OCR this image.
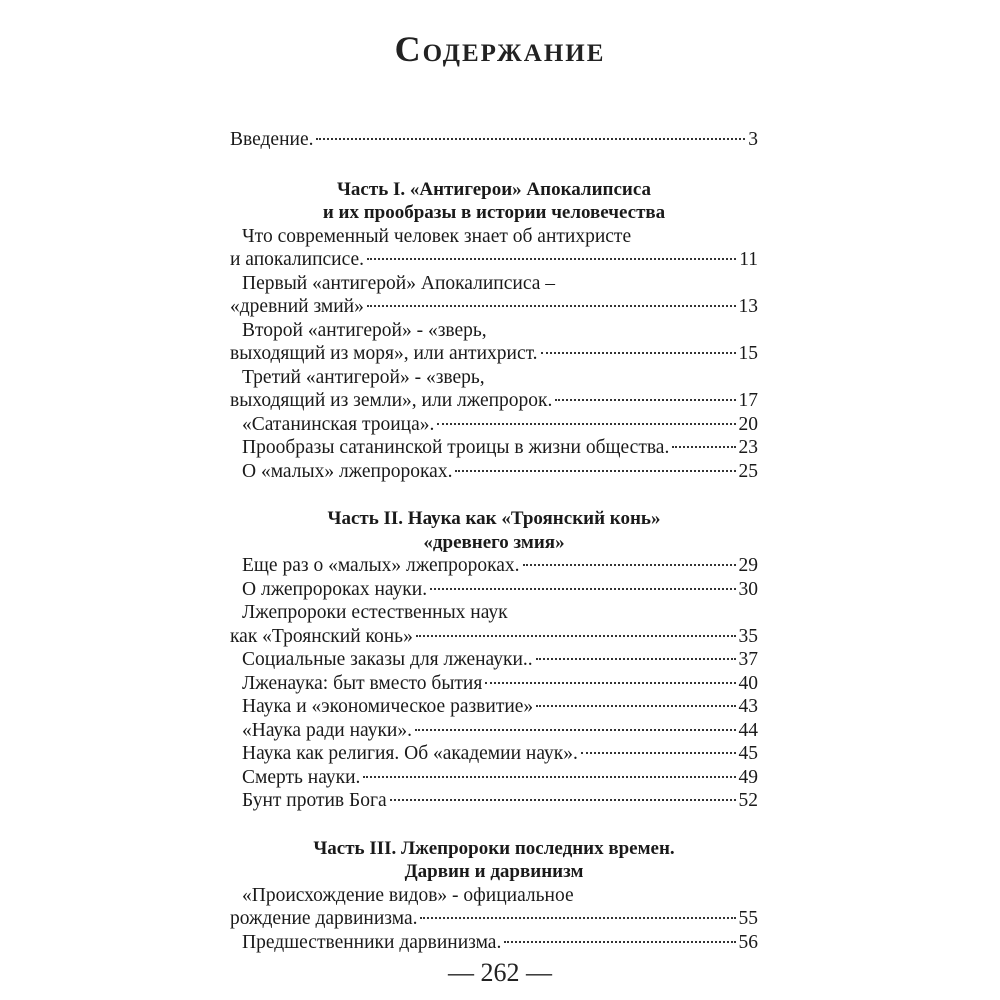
Содержание
Введение.	3
Часть I. «Антигерои» Апокалипсиса
и их прообразы в истории человечества
Что современный человек знает об антихристе
и апокалипсисе.	11
Первый «антигерой» Апокалипсиса –
«древний змий»	13
Второй «антигерой» - «зверь,
выходящий из моря», или антихрист.	15
Третий «антигерой» - «зверь,
выходящий из земли», или лжепророк.	17
«Сатанинская троица».	20
Прообразы сатанинской троицы в жизни общества.	23
О «малых» лжепророках.	25
Часть II. Наука как «Троянский конь»
«древнего змия»
Еще раз о «малых» лжепророках.	29
О лжепророках науки.	30
Лжепророки естественных наук
как «Троянский конь»	35
Социальные заказы для лженауки..	37
Лженаука: быт вместо бытия	40
Наука и «экономическое развитие»	43
«Наука ради науки».	44
Наука как религия. Об «академии наук».	45
Смерть науки.	49
Бунт против Бога	52
Часть III. Лжепророки последних времен.
Дарвин и дарвинизм
«Происхождение видов» - официальное
рождение дарвинизма.	55
Предшественники дарвинизма.	56
— 262 —
